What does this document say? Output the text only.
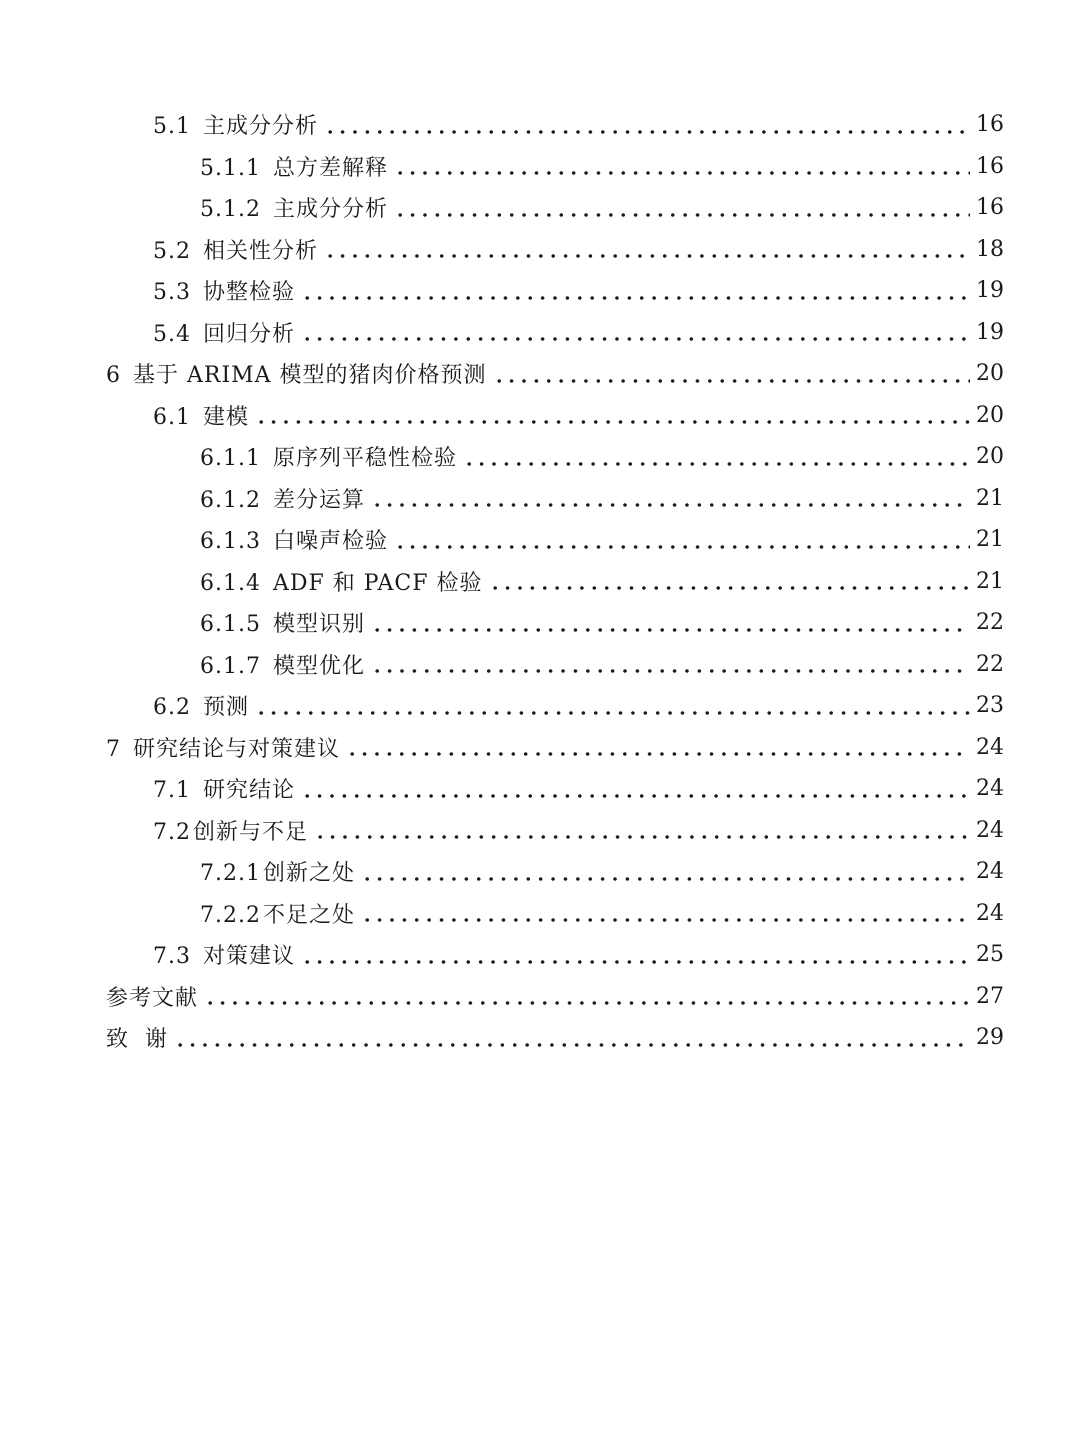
5.1 主成分分析	16
5.1.1 总方差解释	16
5.1.2 主成分分析	16
5.2 相关性分析	18
5.3 协整检验	19
5.4 回归分析	19
6 基于 ARIMA 模型的猪肉价格预测	20
6.1 建模	20
6.1.1 原序列平稳性检验	20
6.1.2 差分运算	21
6.1.3 白噪声检验	21
6.1.4 ADF 和 PACF 检验	21
6.1.5 模型识别	22
6.1.7 模型优化	22
6.2 预测	23
7 研究结论与对策建议	24
7.1 研究结论	24
7.2创新与不足	24
7.2.1创新之处	24
7.2.2不足之处	24
7.3 对策建议	25
参考文献	27
致  谢	29
